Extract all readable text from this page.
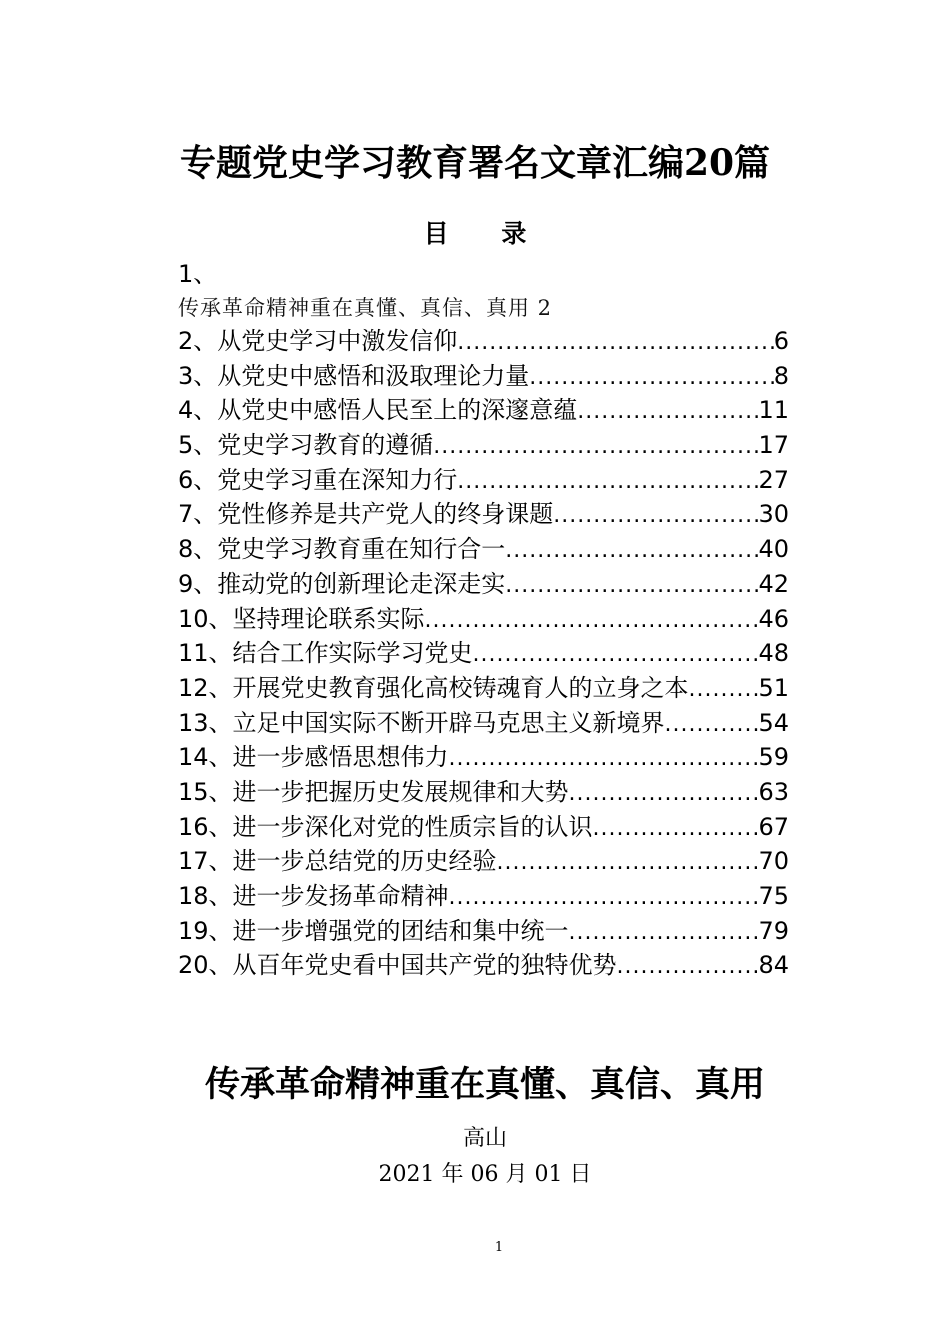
专题党史学习教育署名文章汇编20篇
目 录
1、
传承革命精神重在真懂、真信、真用 2
2、从党史学习中激发信仰 .....	6
3、从党史中感悟和汲取理论力量 .....	8
4、从党史中感悟人民至上的深邃意蕴 .....	11
5、党史学习教育的遵循 .....	17
6、党史学习重在深知力行 .....	27
7、党性修养是共产党人的终身课题 .....	30
8、党史学习教育重在知行合一 .....	40
9、推动党的创新理论走深走实 .....	42
10、坚持理论联系实际 .....	46
11、结合工作实际学习党史 .....	48
12、开展党史教育强化高校铸魂育人的立身之本 .....	51
13、立足中国实际不断开辟马克思主义新境界 .....	54
14、进一步感悟思想伟力 .....	59
15、进一步把握历史发展规律和大势 .....	63
16、进一步深化对党的性质宗旨的认识 .....	67
17、进一步总结党的历史经验 .....	70
18、进一步发扬革命精神 .....	75
19、进一步增强党的团结和集中统一 .....	79
20、从百年党史看中国共产党的独特优势 .....	84
传承革命精神重在真懂、真信、真用
高山
2021 年 06 月 01 日
1
